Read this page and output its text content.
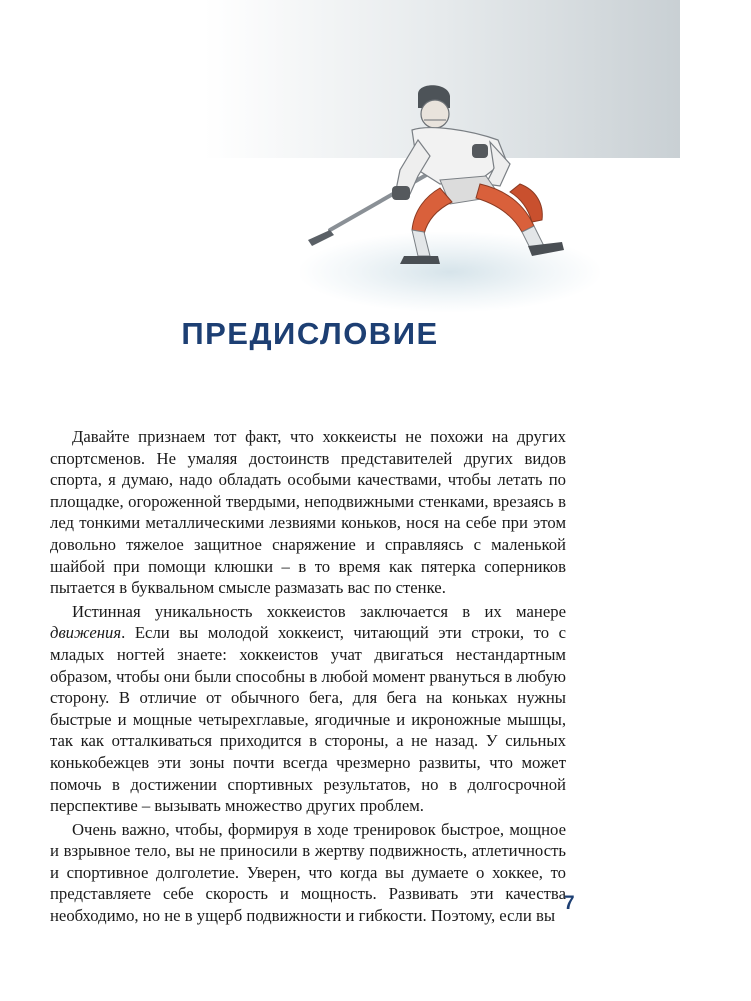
ПРЕДИСЛОВИЕ

Давайте признаем тот факт, что хоккеисты не похожи на других спортсменов. Не умаляя достоинств представителей других видов спорта, я думаю, надо обладать особыми качествами, чтобы летать по площадке, огороженной твердыми, неподвижными стенками, врезаясь в лед тонкими металлическими лезвиями коньков, нося на себе при этом довольно тяжелое защитное снаряжение и справляясь с маленькой шайбой при помощи клюшки – в то время как пятерка соперников пытается в буквальном смысле размазать вас по стенке.

Истинная уникальность хоккеистов заключается в их манере движения. Если вы молодой хоккеист, читающий эти строки, то с младых ногтей знаете: хоккеистов учат двигаться нестандартным образом, чтобы они были способны в любой момент рвануться в любую сторону. В отличие от обычного бега, для бега на коньках нужны быстрые и мощные четырехглавые, ягодичные и икроножные мышцы, так как отталкиваться приходится в стороны, а не назад. У сильных конькобежцев эти зоны почти всегда чрезмерно развиты, что может помочь в достижении спортивных результатов, но в долгосрочной перспективе – вызывать множество других проблем.

Очень важно, чтобы, формируя в ходе тренировок быстрое, мощное и взрывное тело, вы не приносили в жертву подвижность, атлетичность и спортивное долголетие. Уверен, что когда вы думаете о хоккее, то представляете себе скорость и мощность. Развивать эти качества необходимо, но не в ущерб подвижности и гибкости. Поэтому, если вы

7
